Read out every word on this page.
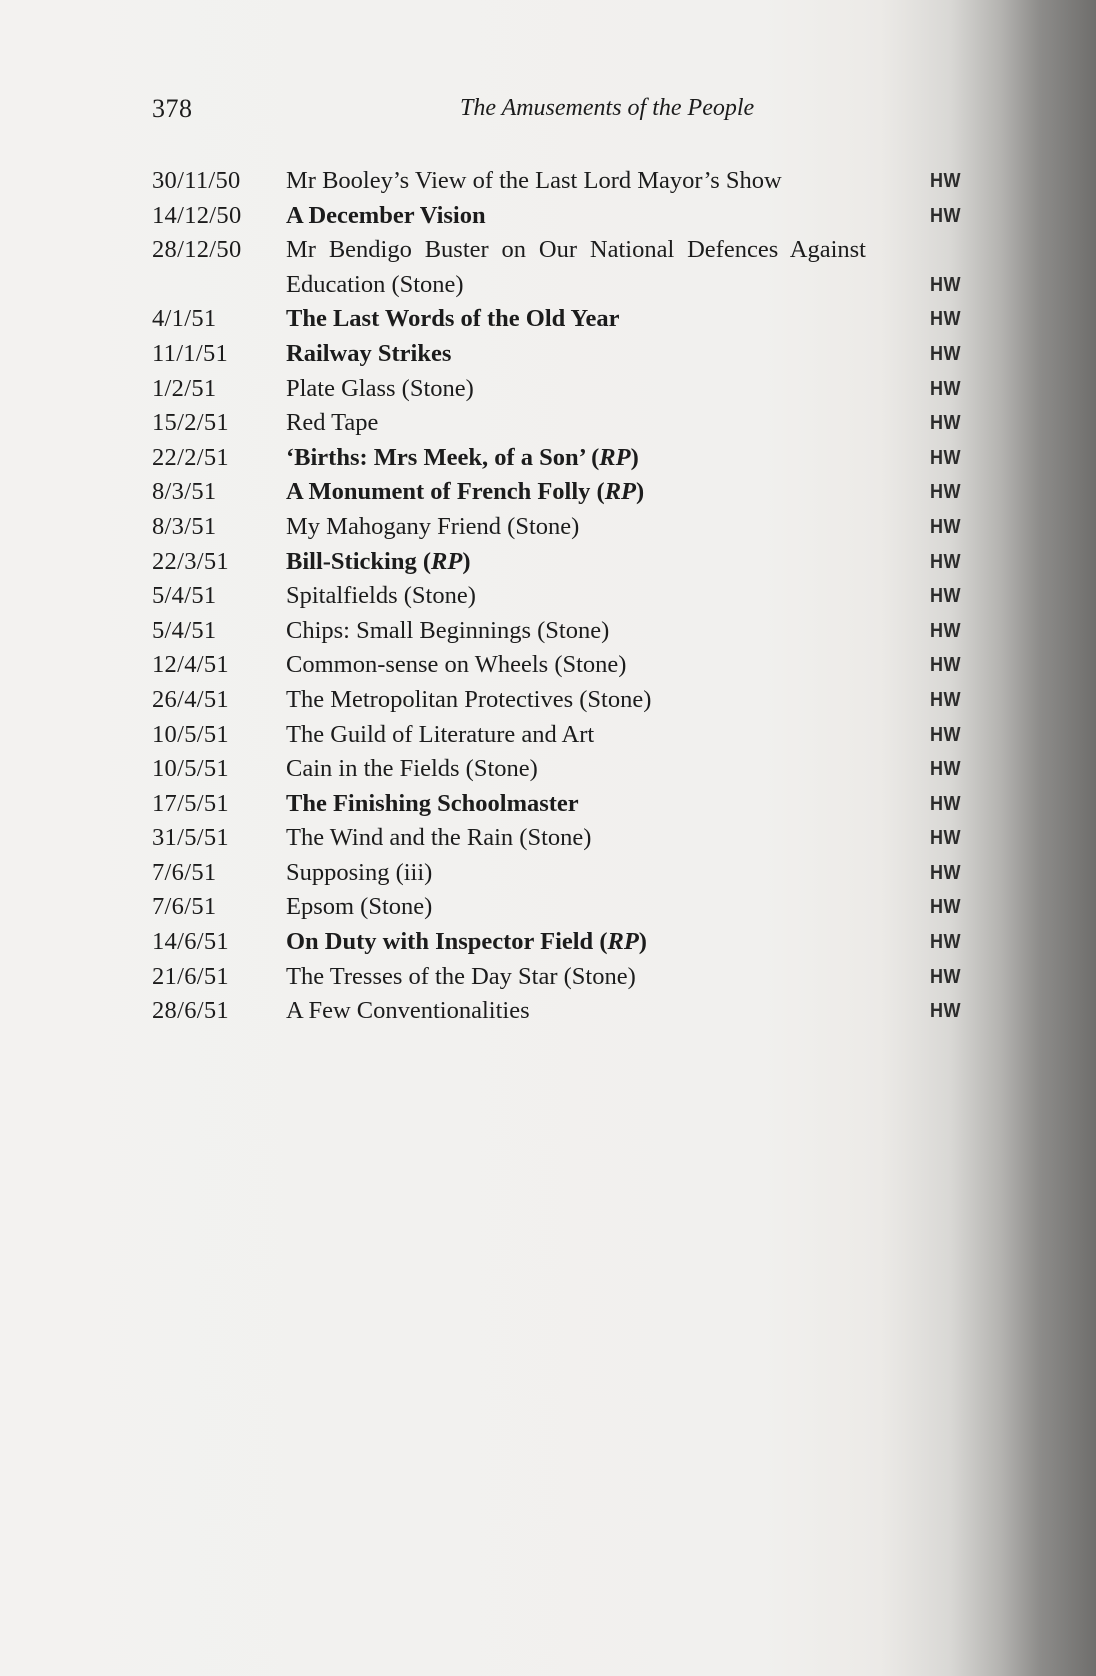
378	The Amusements of the People
30/11/50	Mr Booley’s View of the Last Lord Mayor’s Show	HW
14/12/50	A December Vision	HW
28/12/50	Mr Bendigo Buster on Our National Defences Against Education (Stone)	HW
4/1/51	The Last Words of the Old Year	HW
11/1/51	Railway Strikes	HW
1/2/51	Plate Glass (Stone)	HW
15/2/51	Red Tape	HW
22/2/51	‘Births: Mrs Meek, of a Son’ (RP)	HW
8/3/51	A Monument of French Folly (RP)	HW
8/3/51	My Mahogany Friend (Stone)	HW
22/3/51	Bill-Sticking (RP)	HW
5/4/51	Spitalfields (Stone)	HW
5/4/51	Chips: Small Beginnings (Stone)	HW
12/4/51	Common-sense on Wheels (Stone)	HW
26/4/51	The Metropolitan Protectives (Stone)	HW
10/5/51	The Guild of Literature and Art	HW
10/5/51	Cain in the Fields (Stone)	HW
17/5/51	The Finishing Schoolmaster	HW
31/5/51	The Wind and the Rain (Stone)	HW
7/6/51	Supposing (iii)	HW
7/6/51	Epsom (Stone)	HW
14/6/51	On Duty with Inspector Field (RP)	HW
21/6/51	The Tresses of the Day Star (Stone)	HW
28/6/51	A Few Conventionalities	HW
